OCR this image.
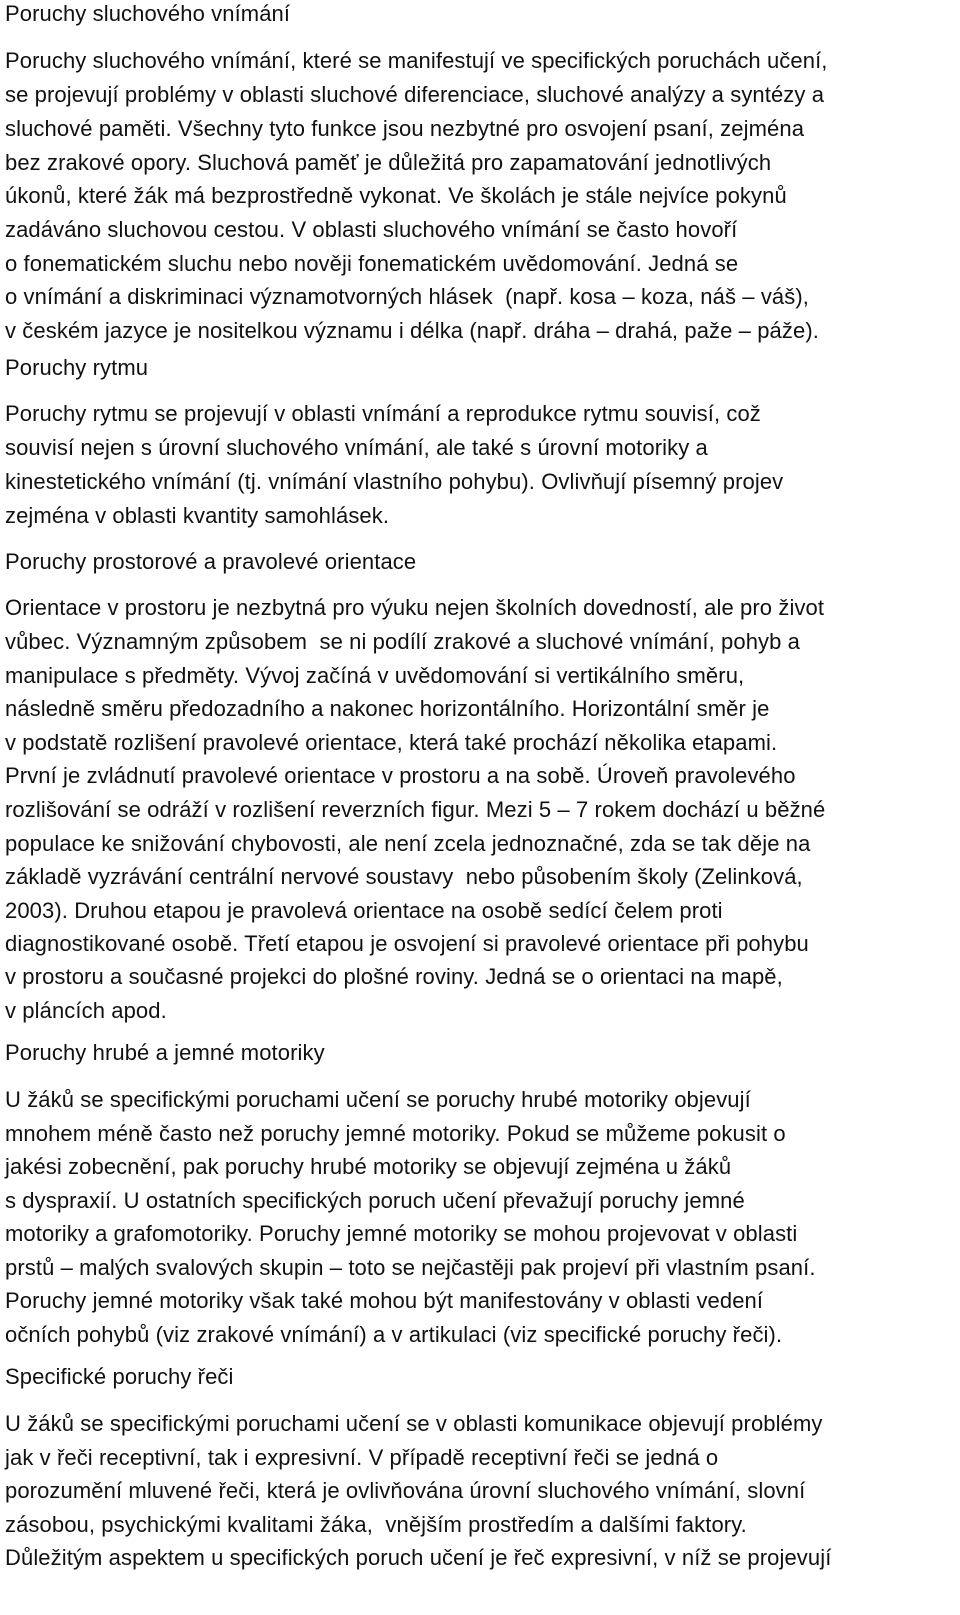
Poruchy sluchového vnímání
Poruchy sluchového vnímání, které se manifestují ve specifických poruchách učení,
se projevují problémy v oblasti sluchové diferenciace, sluchové analýzy a syntézy a
sluchové paměti. Všechny tyto funkce jsou nezbytné pro osvojení psaní, zejména
bez zrakové opory. Sluchová paměť je důležitá pro zapamatování jednotlivých
úkonů, které žák má bezprostředně vykonat. Ve školách je stále nejvíce pokynů
zadáváno sluchovou cestou. V oblasti sluchového vnímání se často hovoří
o fonematickém sluchu nebo nověji fonematickém uvědomování. Jedná se
o vnímání a diskriminaci významotvorných hlásek  (např. kosa – koza, náš – váš),
v českém jazyce je nositelkou významu i délka (např. dráha – drahá, paže – páže).
Poruchy rytmu
Poruchy rytmu se projevují v oblasti vnímání a reprodukce rytmu souvisí, což
souvisí nejen s úrovní sluchového vnímání, ale také s úrovní motoriky a
kinestetického vnímání (tj. vnímání vlastního pohybu). Ovlivňují písemný projev
zejména v oblasti kvantity samohlásek.
Poruchy prostorové a pravolevé orientace
Orientace v prostoru je nezbytná pro výuku nejen školních dovedností, ale pro život
vůbec. Významným způsobem  se ni podílí zrakové a sluchové vnímání, pohyb a
manipulace s předměty. Vývoj začíná v uvědomování si vertikálního směru,
následně směru předozadního a nakonec horizontálního. Horizontální směr je
v podstatě rozlišení pravolevé orientace, která také prochází několika etapami.
První je zvládnutí pravolevé orientace v prostoru a na sobě. Úroveň pravolevého
rozlišování se odráží v rozlišení reverzních figur. Mezi 5 – 7 rokem dochází u běžné
populace ke snižování chybovosti, ale není zcela jednoznačné, zda se tak děje na
základě vyzrávání centrální nervové soustavy  nebo působením školy (Zelinková,
2003). Druhou etapou je pravolevá orientace na osobě sedící čelem proti
diagnostikované osobě. Třetí etapou je osvojení si pravolevé orientace při pohybu
v prostoru a současné projekci do plošné roviny. Jedná se o orientaci na mapě,
v pláncích apod.
Poruchy hrubé a jemné motoriky
U žáků se specifickými poruchami učení se poruchy hrubé motoriky objevují
mnohem méně často než poruchy jemné motoriky. Pokud se můžeme pokusit o
jakési zobecnění, pak poruchy hrubé motoriky se objevují zejména u žáků
s dyspraxií. U ostatních specifických poruch učení převažují poruchy jemné
motoriky a grafomotoriky. Poruchy jemné motoriky se mohou projevovat v oblasti
prstů – malých svalových skupin – toto se nejčastěji pak projeví při vlastním psaní.
Poruchy jemné motoriky však také mohou být manifestovány v oblasti vedení
očních pohybů (viz zrakové vnímání) a v artikulaci (viz specifické poruchy řeči).
Specifické poruchy řeči
U žáků se specifickými poruchami učení se v oblasti komunikace objevují problémy
jak v řeči receptivní, tak i expresivní. V případě receptivní řeči se jedná o
porozumění mluvené řeči, která je ovlivňována úrovní sluchového vnímání, slovní
zásobou, psychickými kvalitami žáka,  vnějším prostředím a dalšími faktory.
Důležitým aspektem u specifických poruch učení je řeč expresivní, v níž se projevují
